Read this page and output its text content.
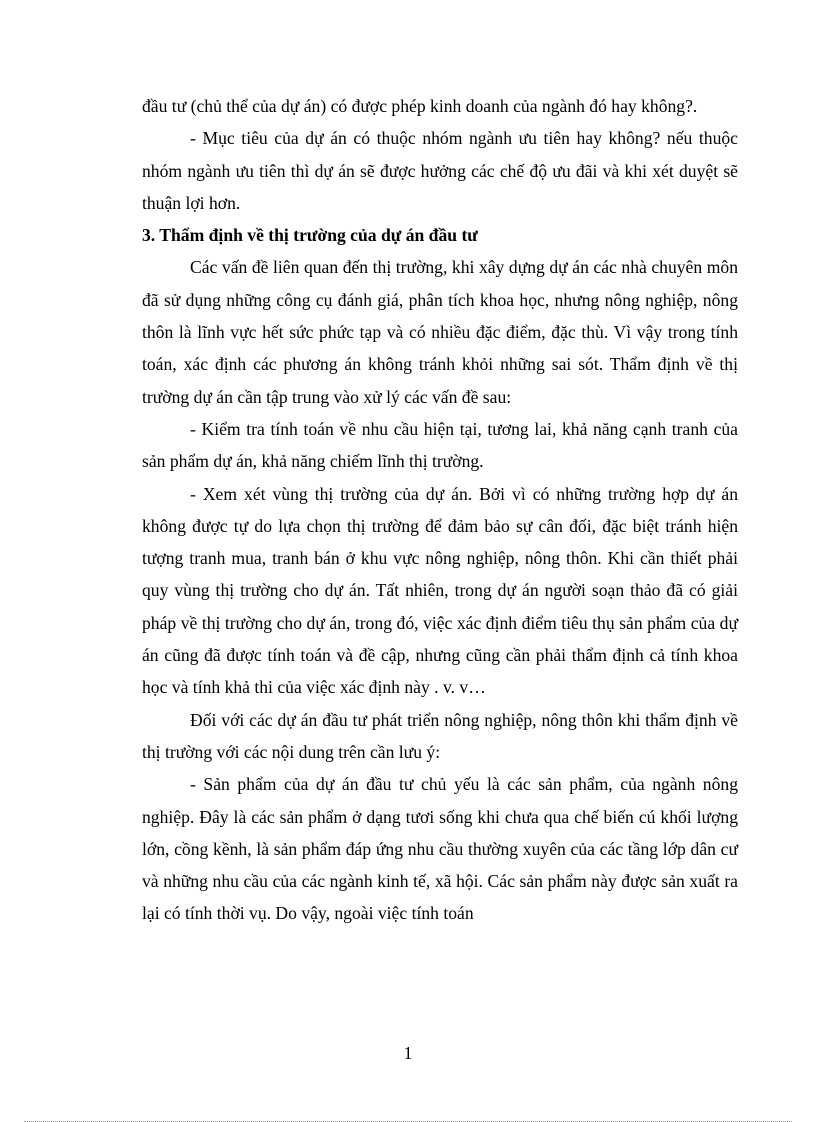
đầu tư (chủ thể của dự án) có được phép kinh doanh của ngành đó hay không?.

- Mục tiêu của dự án có thuộc nhóm ngành ưu tiên hay không? nếu thuộc nhóm ngành ưu tiên thì dự án sẽ được hưởng các chế độ ưu đãi và khi xét duyệt sẽ thuận lợi hơn.

3. Thẩm định về thị trường của dự án đầu tư

Các vấn đề liên quan đến thị trường, khi xây dựng dự án các nhà chuyên môn đã sử dụng những công cụ đánh giá, phân tích khoa học, nhưng nông nghiệp, nông thôn là lĩnh vực hết sức phức tạp và có nhiều đặc điểm, đặc thù. Vì vậy trong tính toán, xác định các phương án không tránh khỏi những sai sót. Thẩm định về thị trường dự án cần tập trung vào xử lý các vấn đề sau:

- Kiểm tra tính toán về nhu cầu hiện tại, tương lai, khả năng cạnh tranh của sản phẩm dự án, khả năng chiếm lĩnh thị trường.

- Xem xét vùng thị trường của dự án. Bởi vì có những trường hợp dự án không được tự do lựa chọn thị trường để đảm bảo sự cân đối, đặc biệt tránh hiện tượng tranh mua, tranh bán ở khu vực nông nghiệp, nông thôn. Khi cần thiết phải quy vùng thị trường cho dự án. Tất nhiên, trong dự án người soạn thảo đã có giải pháp về thị trường cho dự án, trong đó, việc xác định điểm tiêu thụ sản phẩm của dự án cũng đã được tính toán và đề cập, nhưng cũng cần phải thẩm định cả tính khoa học và tính khả thi của việc xác định này . v. v…

Đối với các dự án đầu tư phát triển nông nghiệp, nông thôn khi thẩm định về thị trường với các nội dung trên cần lưu ý:

- Sản phẩm của dự án đầu tư chủ yếu là các sản phẩm, của ngành nông nghiệp. Đây là các sản phẩm ở dạng tươi sống khi chưa qua chế biến cú khối lượng lớn, cồng kềnh, là sản phẩm đáp ứng nhu cầu thường xuyên của các tầng lớp dân cư và những nhu cầu của các ngành kinh tế, xã hội. Các sản phẩm này được sản xuất ra lại có tính thời vụ. Do vậy, ngoài việc tính toán

1
